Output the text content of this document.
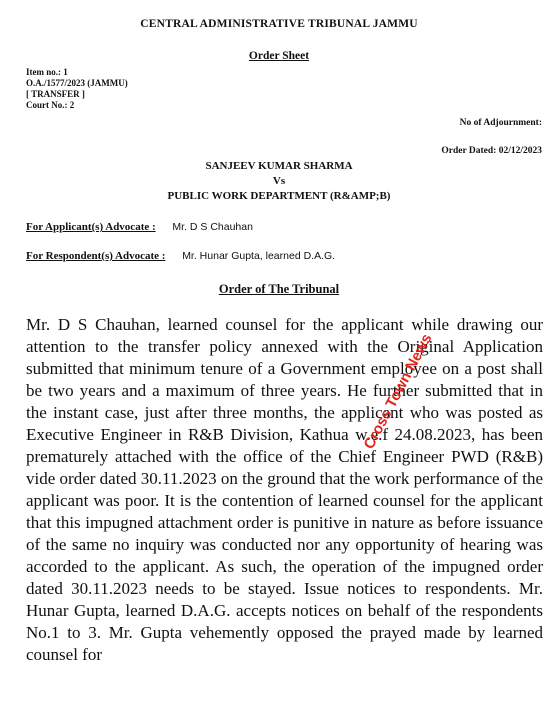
CENTRAL ADMINISTRATIVE TRIBUNAL JAMMU
Order Sheet
Item no.: 1
O.A./1577/2023 (JAMMU)
[ TRANSFER ]
Court No.: 2
No of Adjournment:
Order Dated: 02/12/2023
SANJEEV KUMAR SHARMA
Vs
PUBLIC WORK DEPARTMENT (R&AMP;B)
For Applicant(s) Advocate : Mr. D S Chauhan
For Respondent(s) Advocate : Mr. Hunar Gupta, learned D.A.G.
Order of The Tribunal

Mr. D S Chauhan, learned counsel for the applicant while drawing our attention to the transfer policy annexed with the Original Application submitted that minimum tenure of a Government employee on a post shall be two years and a maximum of three years. He further submitted that in the instant case, just after three months, the applicant who was posted as Executive Engineer in R&B Division, Kathua w.e.f 24.08.2023, has been prematurely attached with the office of the Chief Engineer PWD (R&B) vide order dated 30.11.2023 on the ground that the work performance of the applicant was poor. It is the contention of learned counsel for the applicant that this impugned attachment order is punitive in nature as before issuance of the same no inquiry was conducted nor any opportunity of hearing was accorded to the applicant. As such, the operation of the impugned order dated 30.11.2023 needs to be stayed. Issue notices to respondents. Mr. Hunar Gupta, learned D.A.G. accepts notices on behalf of the respondents No.1 to 3. Mr. Gupta vehemently opposed the prayed made by learned counsel for

Cross Town News
